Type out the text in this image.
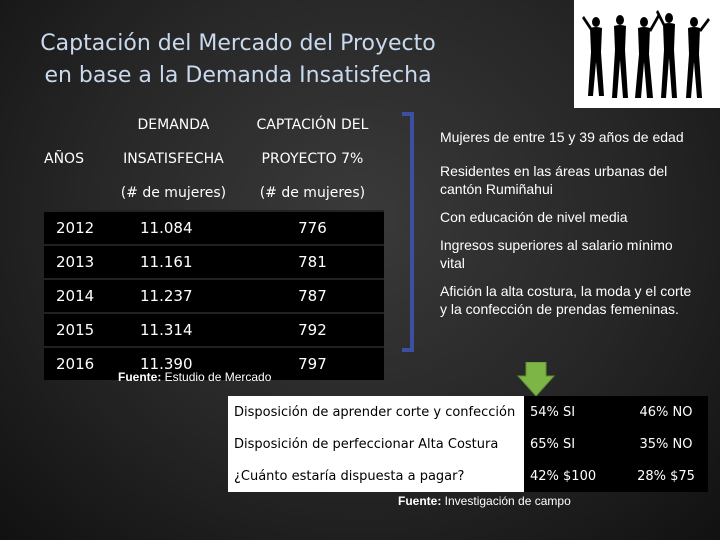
Captación del Mercado del Proyecto
en base a la Demanda Insatisfecha
	DEMANDA	CAPTACIÓN DEL
AÑOS	INSATISFECHA	PROYECTO 7%
	(# de mujeres)	(# de mujeres)
2012	11.084	776
2013	11.161	781
2014	11.237	787
2015	11.314	792
2016	11.390	797
Fuente: Estudio de Mercado
Mujeres de entre 15 y 39 años de edad
Residentes en las áreas urbanas del cantón Rumiñahui
Con educación de nivel media
Ingresos superiores al salario mínimo vital
Afición la alta costura, la moda y el corte y la confección de prendas femeninas.
Disposición de aprender corte y confección	54% SI	46% NO
Disposición de perfeccionar Alta Costura	65% SI	35% NO
¿Cuánto estaría dispuesta a pagar?	42% $100	28% $75
Fuente: Investigación de campo
